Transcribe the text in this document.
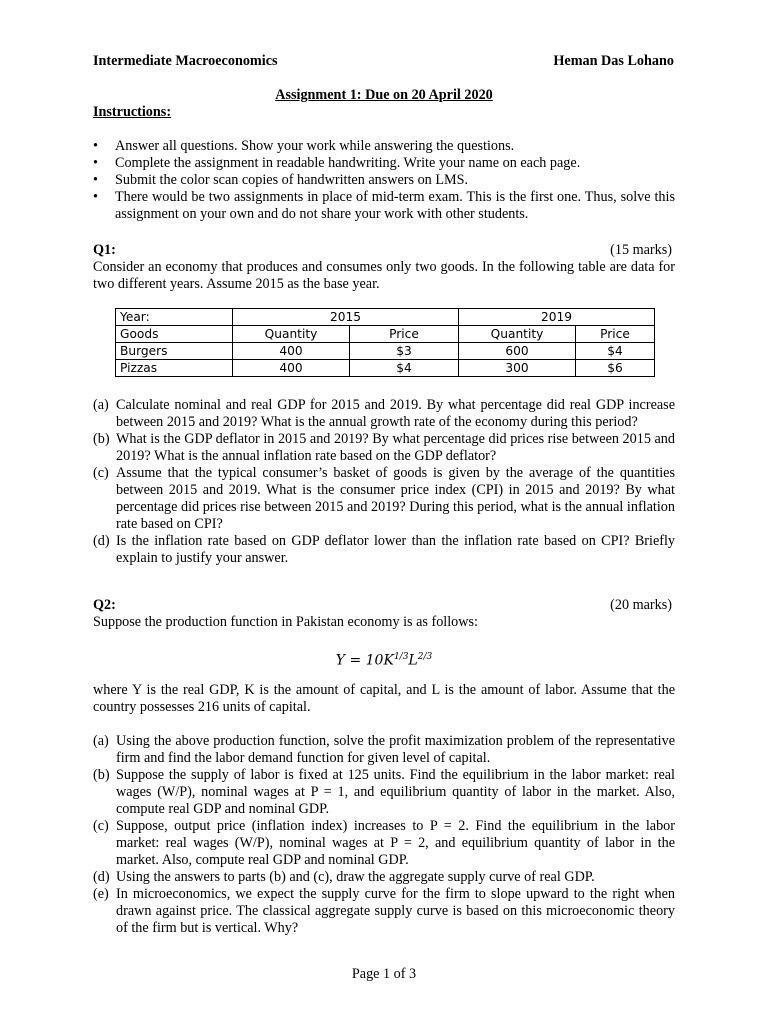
Intermediate Macroeconomics	Heman Das Lohano
Assignment 1: Due on 20 April 2020
Instructions:
• Answer all questions. Show your work while answering the questions.
• Complete the assignment in readable handwriting. Write your name on each page.
• Submit the color scan copies of handwritten answers on LMS.
• There would be two assignments in place of mid-term exam. This is the first one. Thus, solve this assignment on your own and do not share your work with other students.
Q1:	(15 marks)

Consider an economy that produces and consumes only two goods. In the following table are data for two different years. Assume 2015 as the base year.

Year:	2015		2019	
Goods	Quantity	Price	Quantity	Price
Burgers	400	$3	600	$4
Pizzas	400	$4	300	$6
(a) Calculate nominal and real GDP for 2015 and 2019. By what percentage did real GDP increase between 2015 and 2019? What is the annual growth rate of the economy during this period?
(b) What is the GDP deflator in 2015 and 2019? By what percentage did prices rise between 2015 and 2019? What is the annual inflation rate based on the GDP deflator?
(c) Assume that the typical consumer’s basket of goods is given by the average of the quantities between 2015 and 2019. What is the consumer price index (CPI) in 2015 and 2019? By what percentage did prices rise between 2015 and 2019? During this period, what is the annual inflation rate based on CPI?
(d) Is the inflation rate based on GDP deflator lower than the inflation rate based on CPI? Briefly explain to justify your answer.
Q2:	(20 marks)

Suppose the production function in Pakistan economy is as follows:

$Y = 10K^{1/3}L^{2/3}$

where Y is the real GDP, K is the amount of capital, and L is the amount of labor. Assume that the country possesses 216 units of capital.

(a) Using the above production function, solve the profit maximization problem of the representative firm and find the labor demand function for given level of capital.
(b) Suppose the supply of labor is fixed at 125 units. Find the equilibrium in the labor market: real wages (W/P), nominal wages at P = 1, and equilibrium quantity of labor in the market. Also, compute real GDP and nominal GDP.
(c) Suppose, output price (inflation index) increases to P = 2. Find the equilibrium in the labor market: real wages (W/P), nominal wages at P = 2, and equilibrium quantity of labor in the market. Also, compute real GDP and nominal GDP.
(d) Using the answers to parts (b) and (c), draw the aggregate supply curve of real GDP.
(e) In microeconomics, we expect the supply curve for the firm to slope upward to the right when drawn against price. The classical aggregate supply curve is based on this microeconomic theory of the firm but is vertical. Why?
Page 1 of 3
